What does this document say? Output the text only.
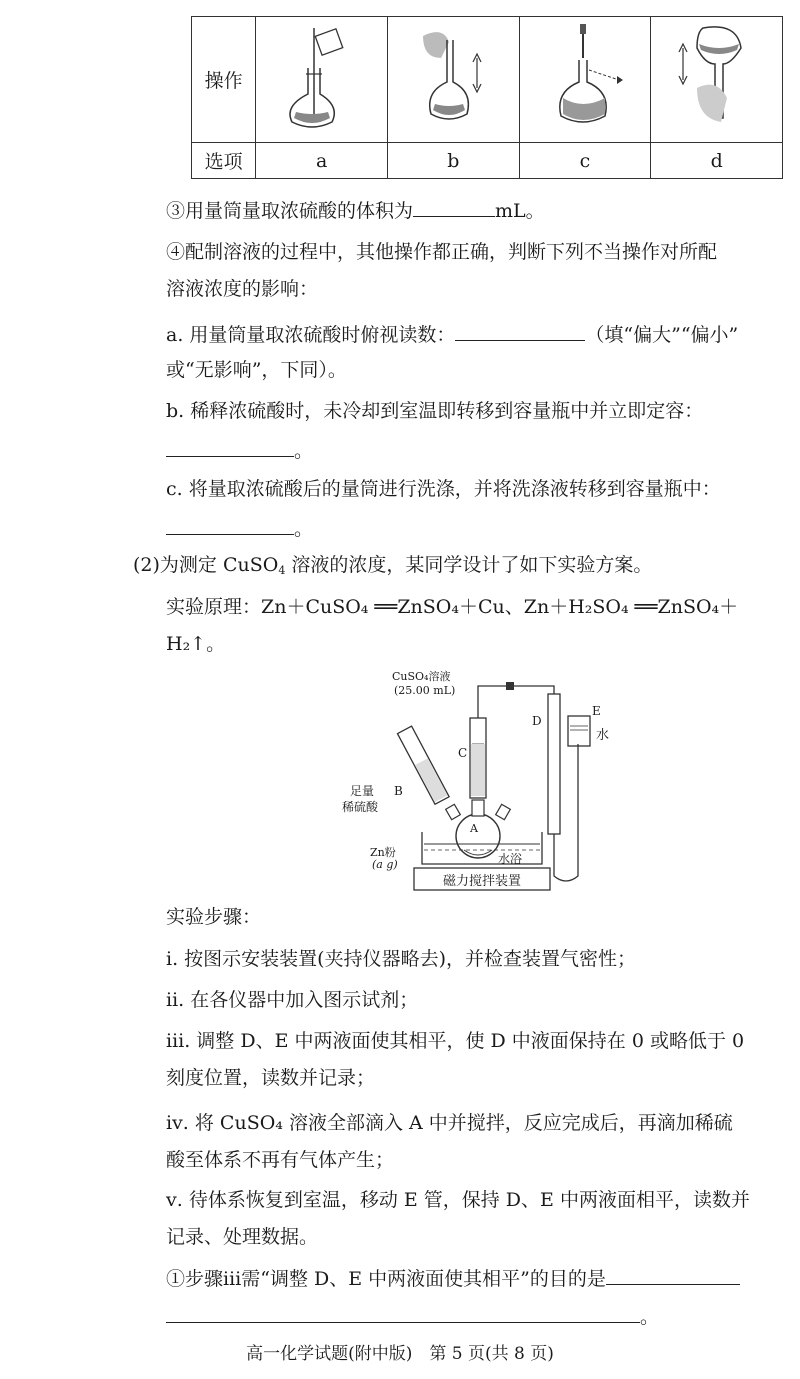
操作				
选项	a	b	c	d
③用量筒量取浓硫酸的体积为	mL。
④配制溶液的过程中，其他操作都正确，判断下列不当操作对所配
溶液浓度的影响：
a. 用量筒量取浓硫酸时俯视读数：	（填“偏大”“偏小”
或“无影响”，下同）。
b. 稀释浓硫酸时，未冷却到室温即转移到容量瓶中并立即定容：
。
c. 将量取浓硫酸后的量筒进行洗涤，并将洗涤液转移到容量瓶中：
。
(2)为测定 CuSO$_4$ 溶液的浓度，某同学设计了如下实验方案。
实验原理：Zn＋CuSO₄ ══ZnSO₄＋Cu、Zn＋H₂SO₄ ══ZnSO₄＋
H₂↑。
CuSO₄溶液
(25.00 mL)
C
B
D
E
水
A
足量
稀硫酸
Zn粉
(a g)	水浴
磁力搅拌装置
实验步骤：
ⅰ. 按图示安装装置(夹持仪器略去)，并检查装置气密性；
ⅱ. 在各仪器中加入图示试剂；
ⅲ. 调整 D、E 中两液面使其相平，使 D 中液面保持在 0 或略低于 0
刻度位置，读数并记录；
ⅳ. 将 CuSO₄ 溶液全部滴入 A 中并搅拌，反应完成后，再滴加稀硫
酸至体系不再有气体产生；
ⅴ. 待体系恢复到室温，移动 E 管，保持 D、E 中两液面相平，读数并
记录、处理数据。
①步骤ⅲ需“调整 D、E 中两液面使其相平”的目的是
。
高一化学试题(附中版)　第 5 页(共 8 页)
